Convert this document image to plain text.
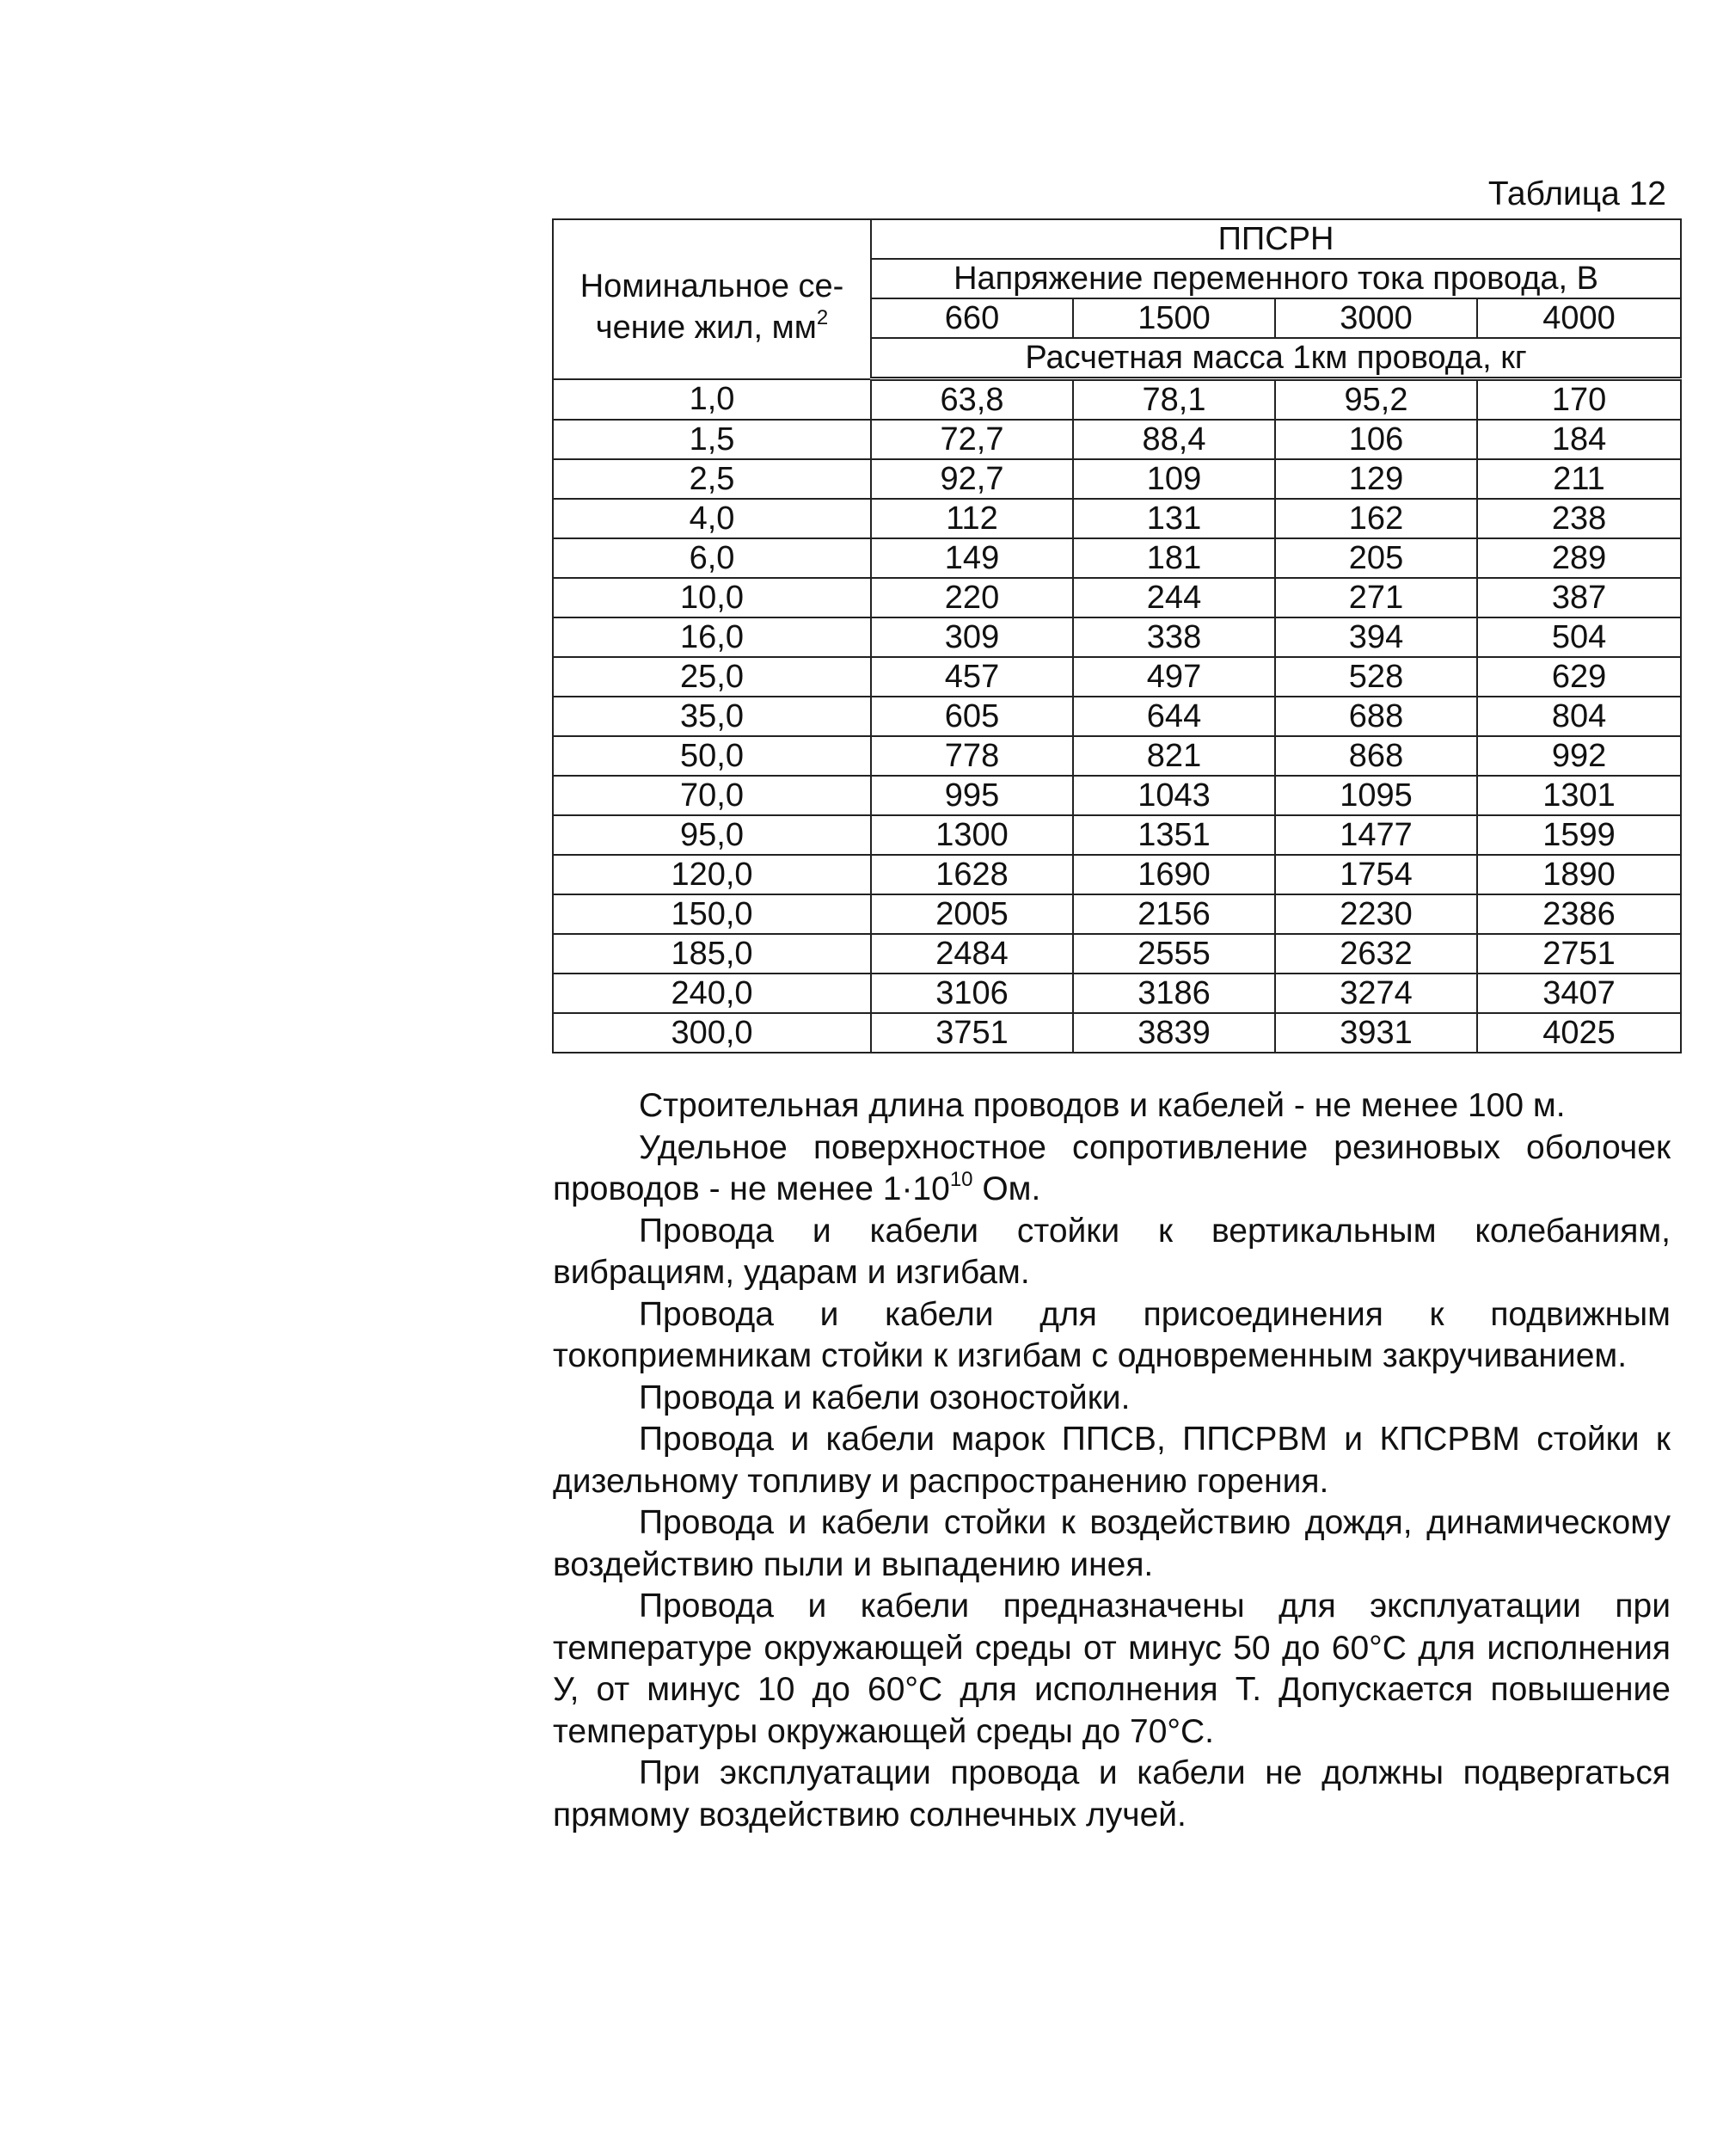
Таблица 12
Номинальное се-
чение жил, $мм^2$	ППСРН			
	Напряжение переменного тока провода, В			
	660	1500	3000	4000
	Расчетная масса 1км провода, кг			
1,0	63,8	78,1	95,2	170
1,5	72,7	88,4	106	184
2,5	92,7	109	129	211
4,0	112	131	162	238
6,0	149	181	205	289
10,0	220	244	271	387
16,0	309	338	394	504
25,0	457	497	528	629
35,0	605	644	688	804
50,0	778	821	868	992
70,0	995	1043	1095	1301
95,0	1300	1351	1477	1599
120,0	1628	1690	1754	1890
150,0	2005	2156	2230	2386
185,0	2484	2555	2632	2751
240,0	3106	3186	3274	3407
300,0	3751	3839	3931	4025

Строительная длина проводов и кабелей - не менее 100 м.

Удельное поверхностное сопротивление резиновых оболочек проводов - не менее $1\cdot 10^{10}$ Ом.

Провода и кабели стойки к вертикальным колебаниям, вибрациям, ударам и изгибам.

Провода и кабели для присоединения к подвижным токоприемникам стойки к изгибам с одновременным закручиванием.

Провода и кабели озоностойки.

Провода и кабели марок ППСВ, ППСРВМ и КПСРВМ стойки к дизельному топливу и распространению горения.

Провода и кабели стойки к воздействию дождя, динамическому воздействию пыли и выпадению инея.

Провода и кабели предназначены для эксплуатации при температуре окружающей среды от минус 50 до 60°С для исполнения У, от минус 10 до 60°С для исполнения Т. Допускается повышение температуры окружающей среды до 70°С.

При эксплуатации провода и кабели не должны подвергаться прямому воздействию солнечных лучей.
